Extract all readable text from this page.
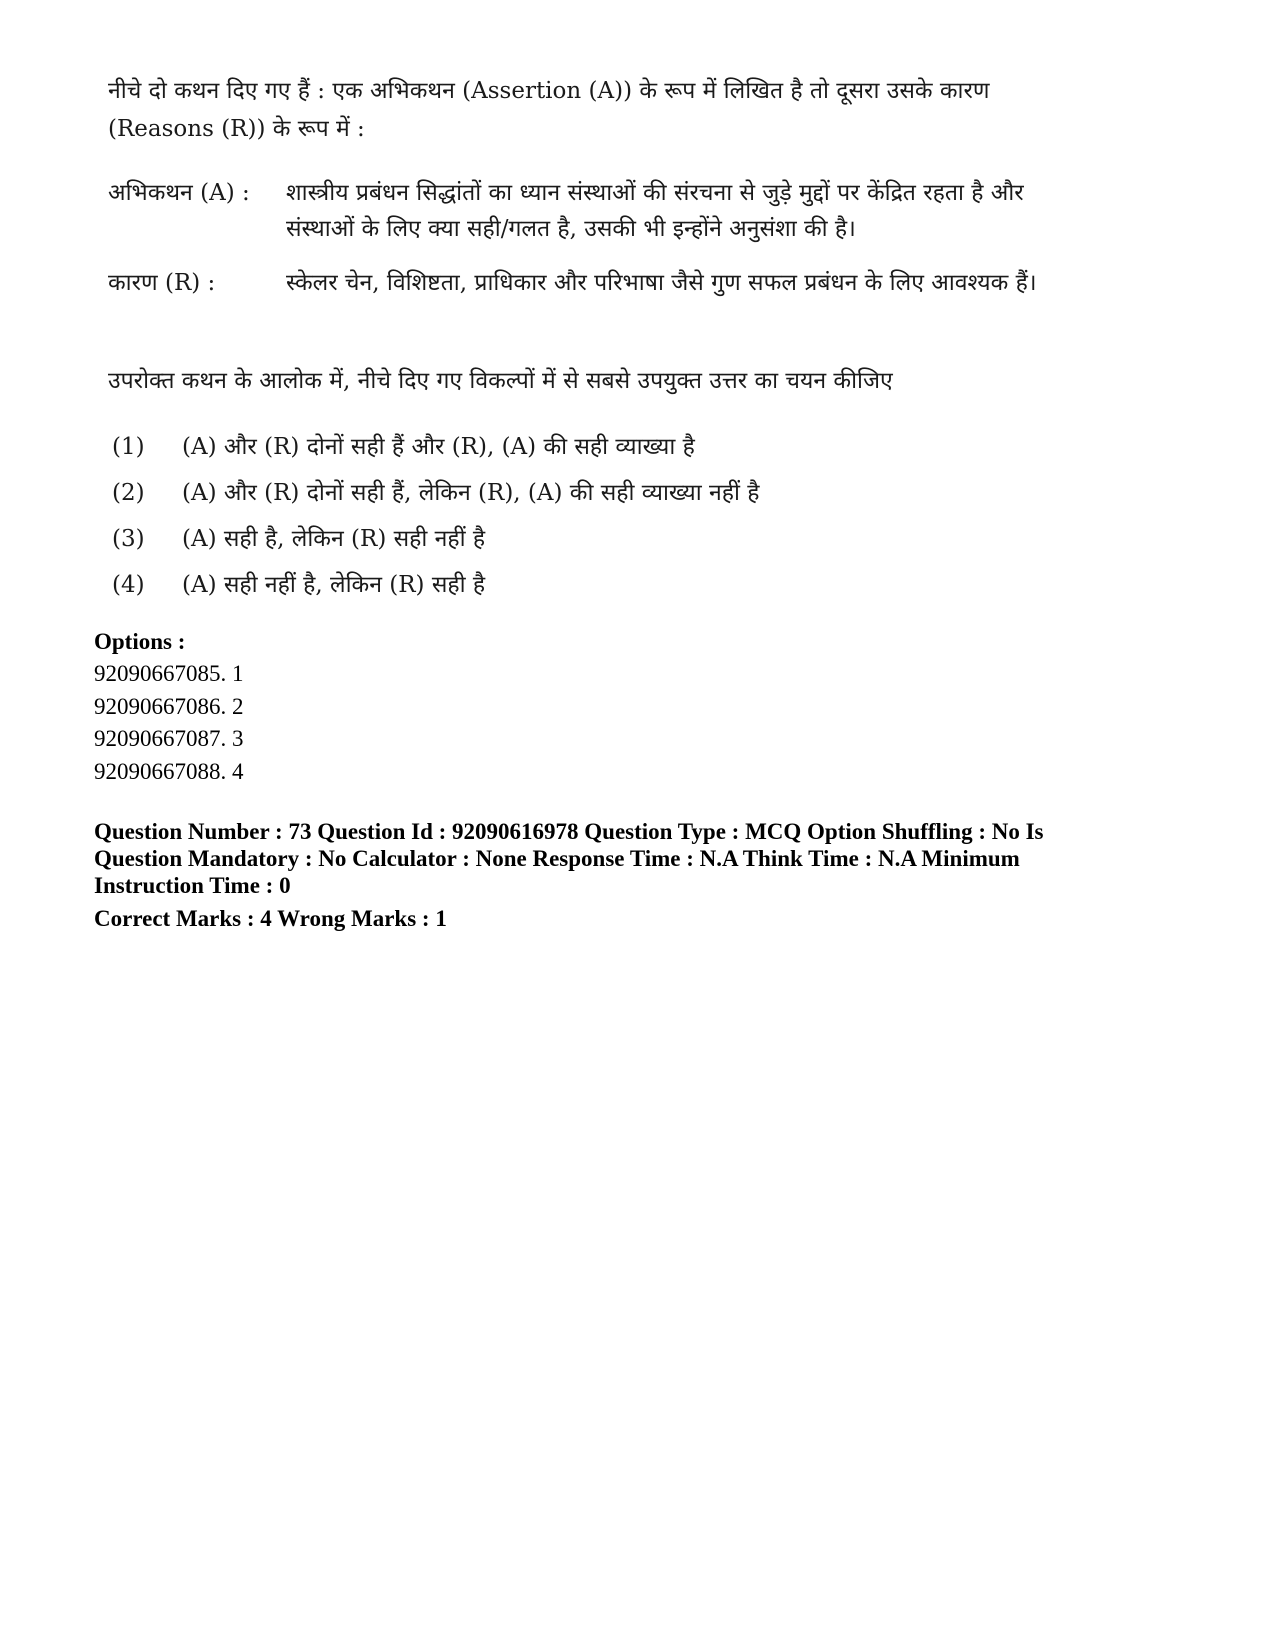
नीचे दो कथन दिए गए हैं : एक अभिकथन (Assertion (A)) के रूप में लिखित है तो दूसरा उसके कारण
(Reasons (R)) के रूप में :
अभिकथन (A) : शास्त्रीय प्रबंधन सिद्धांतों का ध्यान संस्थाओं की संरचना से जुड़े मुद्दों पर केंद्रित रहता है और संस्थाओं के लिए क्या सही/गलत है, उसकी भी इन्होंने अनुसंशा की है।
कारण (R) :	स्केलर चेन, विशिष्टता, प्राधिकार और परिभाषा जैसे गुण सफल प्रबंधन के लिए आवश्यक हैं।
उपरोक्त कथन के आलोक में, नीचे दिए गए विकल्पों में से सबसे उपयुक्त उत्तर का चयन कीजिए
(1) (A) और (R) दोनों सही हैं और (R), (A) की सही व्याख्या है
(2) (A) और (R) दोनों सही हैं, लेकिन (R), (A) की सही व्याख्या नहीं है
(3) (A) सही है, लेकिन (R) सही नहीं है
(4) (A) सही नहीं है, लेकिन (R) सही है
Options :
92090667085. 1
92090667086. 2
92090667087. 3
92090667088. 4
Question Number : 73 Question Id : 92090616978 Question Type : MCQ Option Shuffling : No Is Question Mandatory : No Calculator : None Response Time : N.A Think Time : N.A Minimum Instruction Time : 0
Correct Marks : 4 Wrong Marks : 1
